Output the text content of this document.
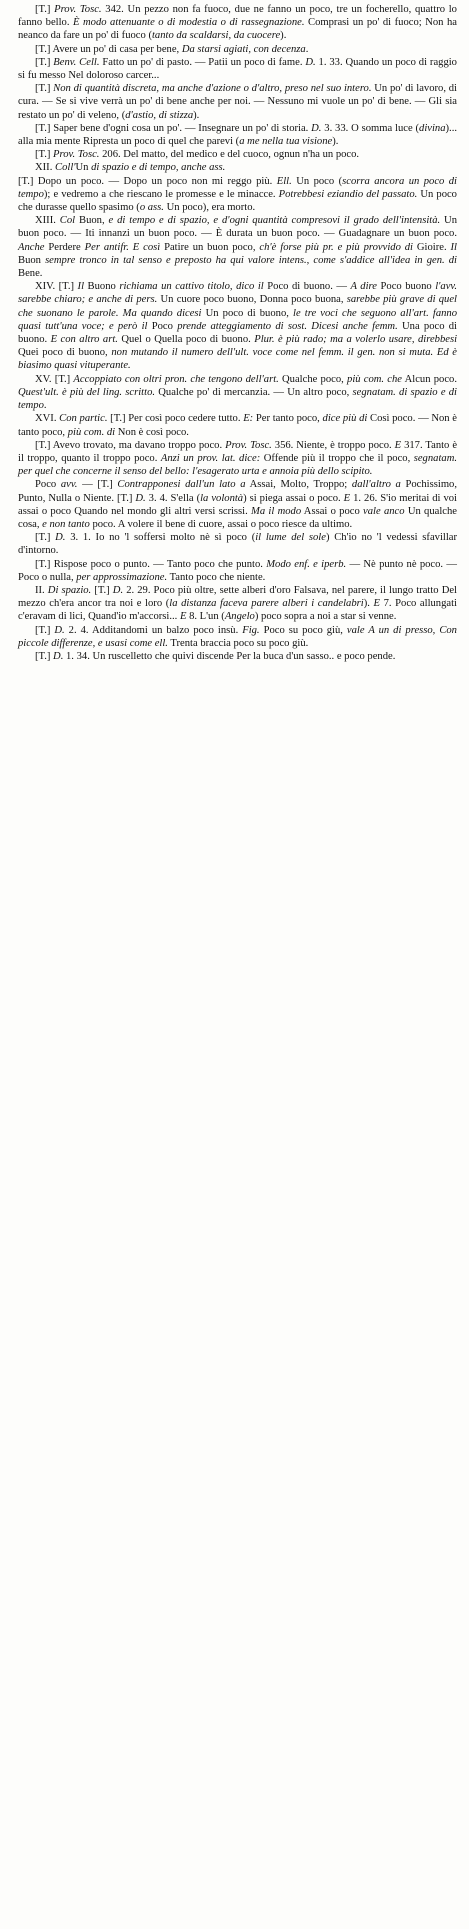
[T.] Prov. Tosc. 342. Un pezzo non fa fuoco, due ne fanno un poco, tre un focherello, quattro lo fanno bello. È modo attenuante o di modestia o di rassegnazione. Comprasi un po' di fuoco; Non ha neanco da fare un po' di fuoco (tanto da scaldarsi, da cuocere).

[T.] Avere un po' di casa per bene, Da starsi agiati, con decenza.

[T.] Benv. Cell. Fatto un po' di pasto. — Patii un poco di fame. D. 1. 33. Quando un poco di raggio si fu messo Nel doloroso carcer...

[T.] Non di quantità discreta, ma anche d'azione o d'altro, preso nel suo intero. Un po' di lavoro, di cura. — Se si vive verrà un po' di bene anche per noi. — Nessuno mi vuole un po' di bene. — Gli sia restato un po' di veleno, (d'astio, di stizza).

[T.] Saper bene d'ogni cosa un po'. — Insegnare un po' di storia. D. 3. 33. O somma luce (divina)... alla mia mente Ripresta un poco di quel che parevi (a me nella tua visione).

[T.] Prov. Tosc. 206. Del matto, del medico e del cuoco, ognun n'ha un poco.

XII. Coll'Un di spazio e di tempo, anche ass.

[T.] Dopo un poco. — Dopo un poco non mi reggo più. Ell. Un poco (scorra ancora un poco di tempo); e vedremo a che riescano le promesse e le minacce. Potrebbesi eziandio del passato. Un poco che durasse quello spasimo (o ass. Un poco), era morto.

XIII. Col Buon, e di tempo e di spazio, e d'ogni quantità compresovi il grado dell'intensità. Un buon poco. — Iti innanzi un buon poco. — È durata un buon poco. — Guadagnare un buon poco. Anche Perdere Per antifr. E così Patire un buon poco, ch'è forse più pr. e più provvido di Gioire. Il Buon sempre tronco in tal senso e preposto ha qui valore intens., come s'addice all'idea in gen. di Bene.

XIV. [T.] Il Buono richiama un cattivo titolo, dico il Poco di buono. — A dire Poco buono l'avv. sarebbe chiaro; e anche di pers. Un cuore poco buono, Donna poco buona, sarebbe più grave di quel che suonano le parole. Ma quando dicesi Un poco di buono, le tre voci che seguono all'art. fanno quasi tutt'una voce; e però il Poco prende atteggiamento di sost. Dicesi anche femm. Una poco di buono. E con altro art. Quel o Quella poco di buono. Plur. è più rado; ma a volerlo usare, direbbesi Quei poco di buono, non mutando il numero dell'ult. voce come nel femm. il gen. non si muta. Ed è biasimo quasi vituperante.

XV. [T.] Accoppiato con oltri pron. che tengono dell'art. Qualche poco, più com. che Alcun poco. Quest'ult. è più del ling. scritto. Qualche po' di mercanzia. — Un altro poco, segnatam. di spazio e di tempo.

XVI. Con partic. [T.] Per così poco cedere tutto. E: Per tanto poco, dice più di Così poco. — Non è tanto poco, più com. di Non è così poco.

[T.] Avevo trovato, ma davano troppo poco. Prov. Tosc. 356. Niente, è troppo poco. E 317. Tanto è il troppo, quanto il troppo poco. Anzi un prov. lat. dice: Offende più il troppo che il poco, segnatam. per quel che concerne il senso del bello: l'esagerato urta e annoia più dello scipito.

Poco avv. — [T.] Contrapponesi dall'un lato a Assai, Molto, Troppo; dall'altro a Pochissimo, Punto, Nulla o Niente. [T.] D. 3. 4. S'ella (la volontà) si piega assai o poco. E 1. 26. S'io meritai di voi assai o poco Quando nel mondo gli altri versi scrissi. Ma il modo Assai o poco vale anco Un qualche cosa, e non tanto poco. A volere il bene di cuore, assai o poco riesce da ultimo.

[T.] D. 3. 1. Io no 'l soffersi molto nè sì poco (il lume del sole) Ch'io no 'l vedessi sfavillar d'intorno.

[T.] Rispose poco o punto. — Tanto poco che punto. Modo enf. e iperb. — Nè punto nè poco. — Poco o nulla, per approssimazione. Tanto poco che niente.

II. Di spazio. [T.] D. 2. 29. Poco più oltre, sette alberi d'oro Falsava, nel parere, il lungo tratto Del mezzo ch'era ancor tra noi e loro (la distanza faceva parere alberi i candelabri). E 7. Poco allungati c'eravam di lici, Quand'io m'accorsi... E 8. L'un (Angelo) poco sopra a noi a star si venne.

[T.] D. 2. 4. Additandomi un balzo poco insù. Fig. Poco su poco giù, vale A un di presso, Con piccole differenze, e usasi come ell. Trenta braccia poco su poco giù.

[T.] D. 1. 34. Un ruscelletto che quivi discende Per la buca d'un sasso.. e poco pende.
